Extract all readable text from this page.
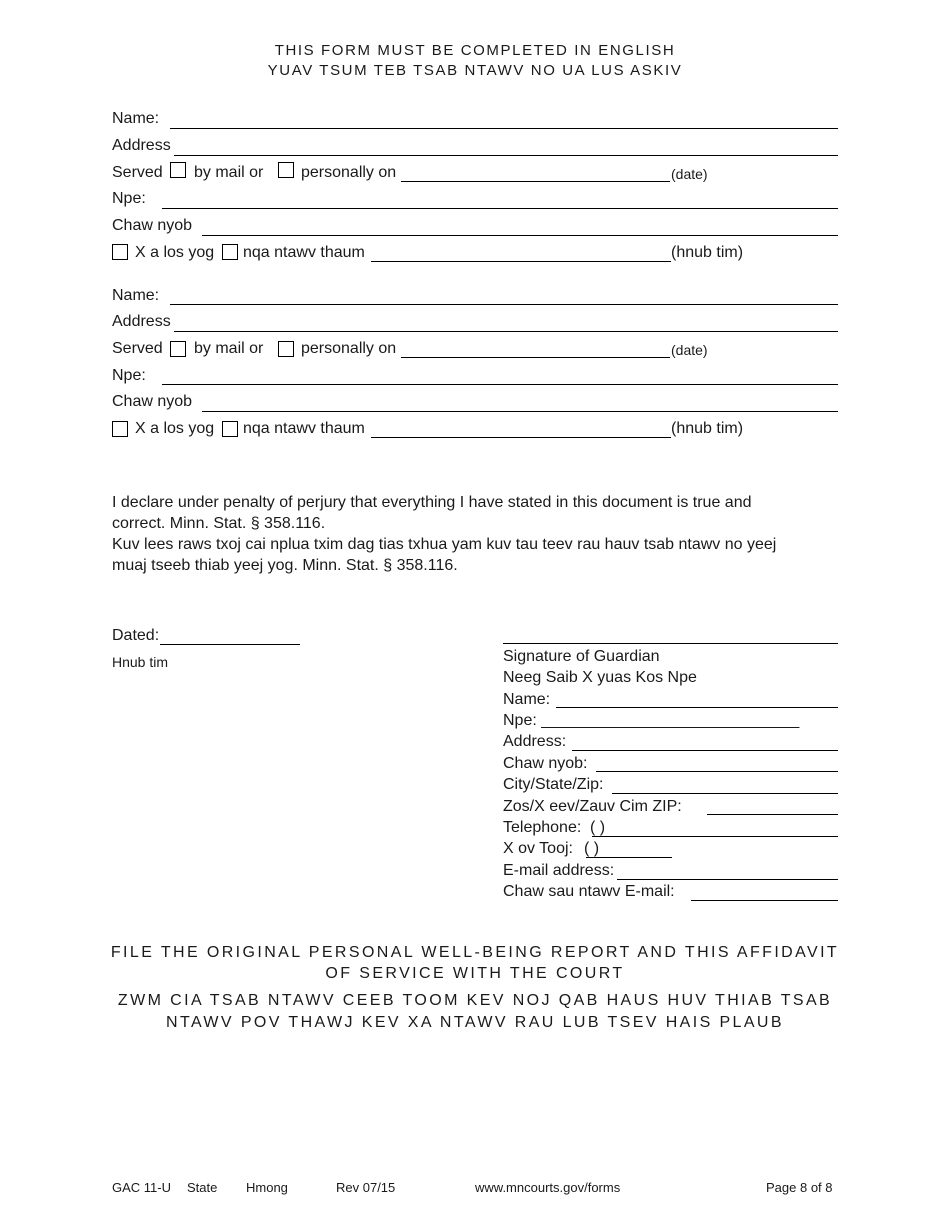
THIS FORM MUST BE COMPLETED IN ENGLISH
YUAV TSUM TEB TSAB NTAWV NO UA LUS ASKIV
Name:
Address
Served by mail or personally on	(date)
Npe:
Chaw nyob
X a los yog nqa ntawv thaum	(hnub tim)
Name:
Address
Served by mail or personally on	(date)
Npe:
Chaw nyob
X a los yog nqa ntawv thaum	(hnub tim)
I declare under penalty of perjury that everything I have stated in this document is true and
correct. Minn. Stat. § 358.116.
Kuv lees raws txoj cai nplua txim dag tias txhua yam kuv tau teev rau hauv tsab ntawv no yeej
muaj tseeb thiab yeej yog. Minn. Stat. § 358.116.
Dated:
Hnub tim	Signature of Guardian
Neeg Saib X yuas Kos Npe
Name:
Npe: _____________________________
Address:
Chaw nyob:
City/State/Zip:
Zos/X eev/Zauv Cim ZIP:
Telephone: ( )
X ov Tooj: ( )
E-mail address:
Chaw sau ntawv E-mail:
FILE THE ORIGINAL PERSONAL WELL-BEING REPORT AND THIS AFFIDAVIT
OF SERVICE WITH THE COURT
ZWM CIA TSAB NTAWV CEEB TOOM KEV NOJ QAB HAUS HUV THIAB TSAB
NTAWV POV THAWJ KEV XA NTAWV RAU LUB TSEV HAIS PLAUB
GAC 11-U State Hmong	Rev 07/15	www.mncourts.gov/forms	Page 8 of 8
